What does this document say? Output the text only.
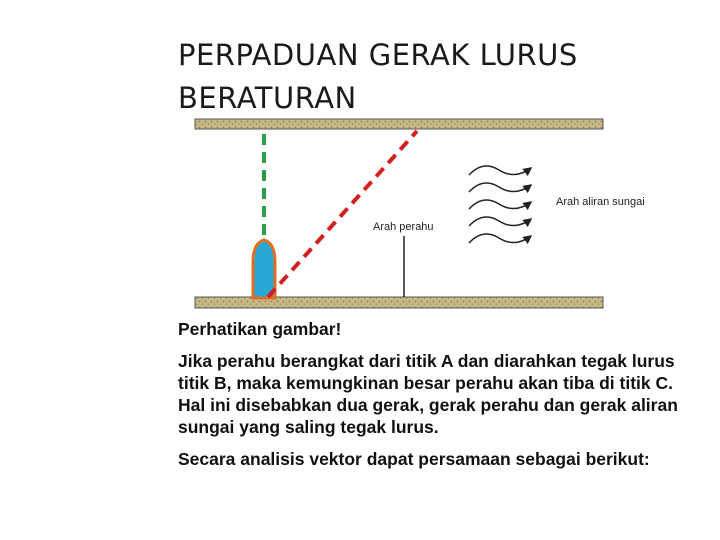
PERPADUAN GERAK LURUS
BERATURAN
Arah aliran sungai
Arah perahu

Perhatikan gambar!

Jika perahu berangkat dari titik A dan diarahkan tegak lurus titik B, maka kemungkinan besar perahu akan tiba di titik C. Hal ini disebabkan dua gerak, gerak perahu dan gerak aliran sungai yang saling tegak lurus.

Secara analisis vektor dapat persamaan sebagai berikut:
